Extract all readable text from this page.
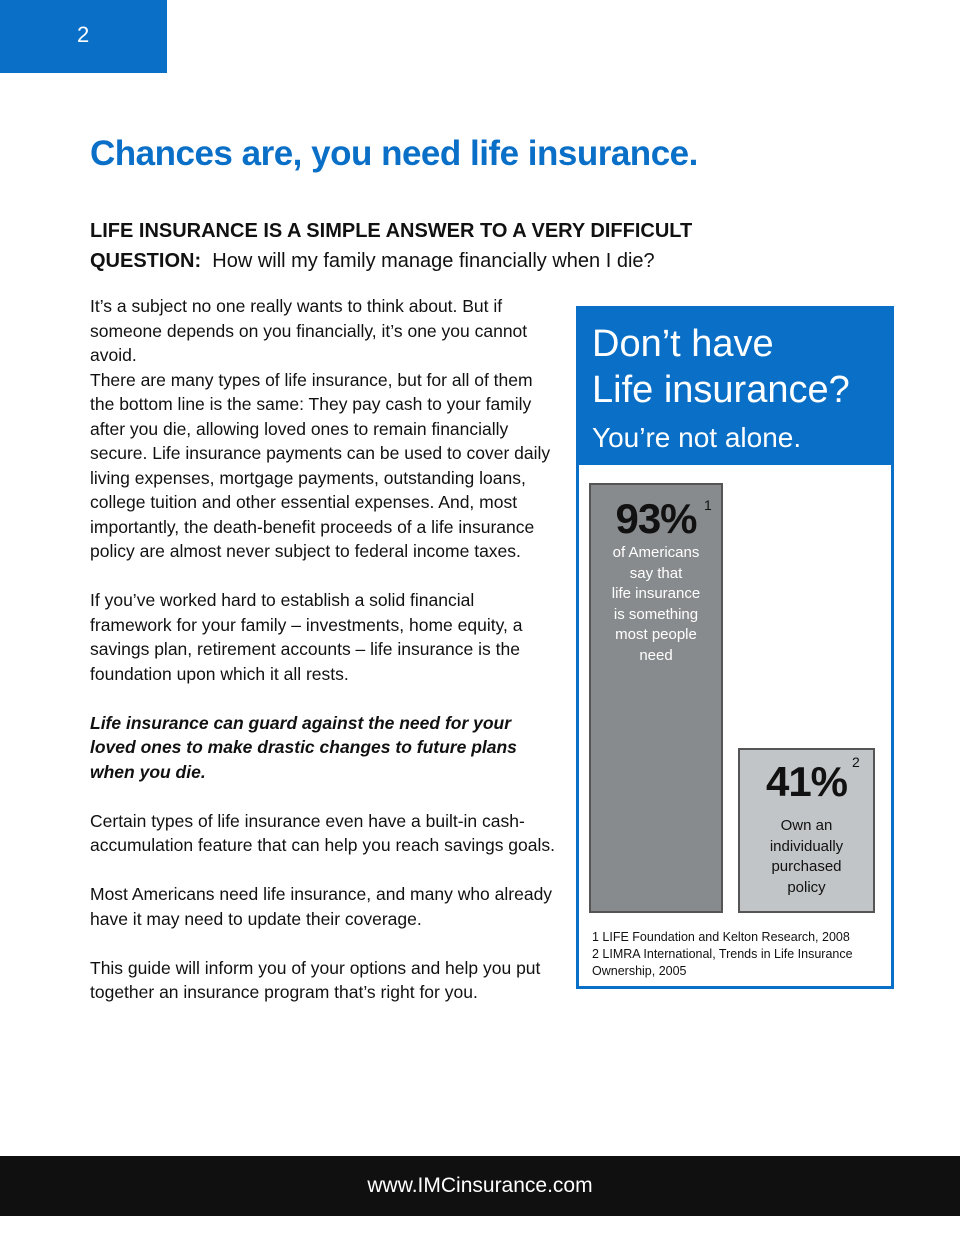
2
Chances are, you need life insurance.
LIFE INSURANCE IS A SIMPLE ANSWER TO A VERY DIFFICULT
QUESTION: How will my family manage financially when I die?

It’s a subject no one really wants to think about. But if someone depends on you financially, it’s one you cannot avoid.

There are many types of life insurance, but for all of them the bottom line is the same: They pay cash to your family after you die, allowing loved ones to remain financially secure. Life insurance payments can be used to cover daily living expenses, mortgage payments, outstanding loans, college tuition and other essential expenses. And, most importantly, the death-benefit proceeds of a life insurance policy are almost never subject to federal income taxes.

If you’ve worked hard to establish a solid financial framework for your family – investments, home equity, a savings plan, retirement accounts – life insurance is the foundation upon which it all rests.

Life insurance can guard against the need for your loved ones to make drastic changes to future plans when you die.

Certain types of life insurance even have a built-in cash-accumulation feature that can help you reach savings goals.

Most Americans need life insurance, and many who already have it may need to update their coverage.

This guide will inform you of your options and help you put together an insurance program that’s right for you.

Don’t have
Life insurance?
You’re not alone.
93% 1
of Americans
say that
life insurance
is something
most people
need
41% 2
Own an
individually
purchased
policy
1 LIFE Foundation and Kelton Research, 2008
2 LIMRA International, Trends in Life Insurance Ownership, 2005
www.IMCinsurance.com
